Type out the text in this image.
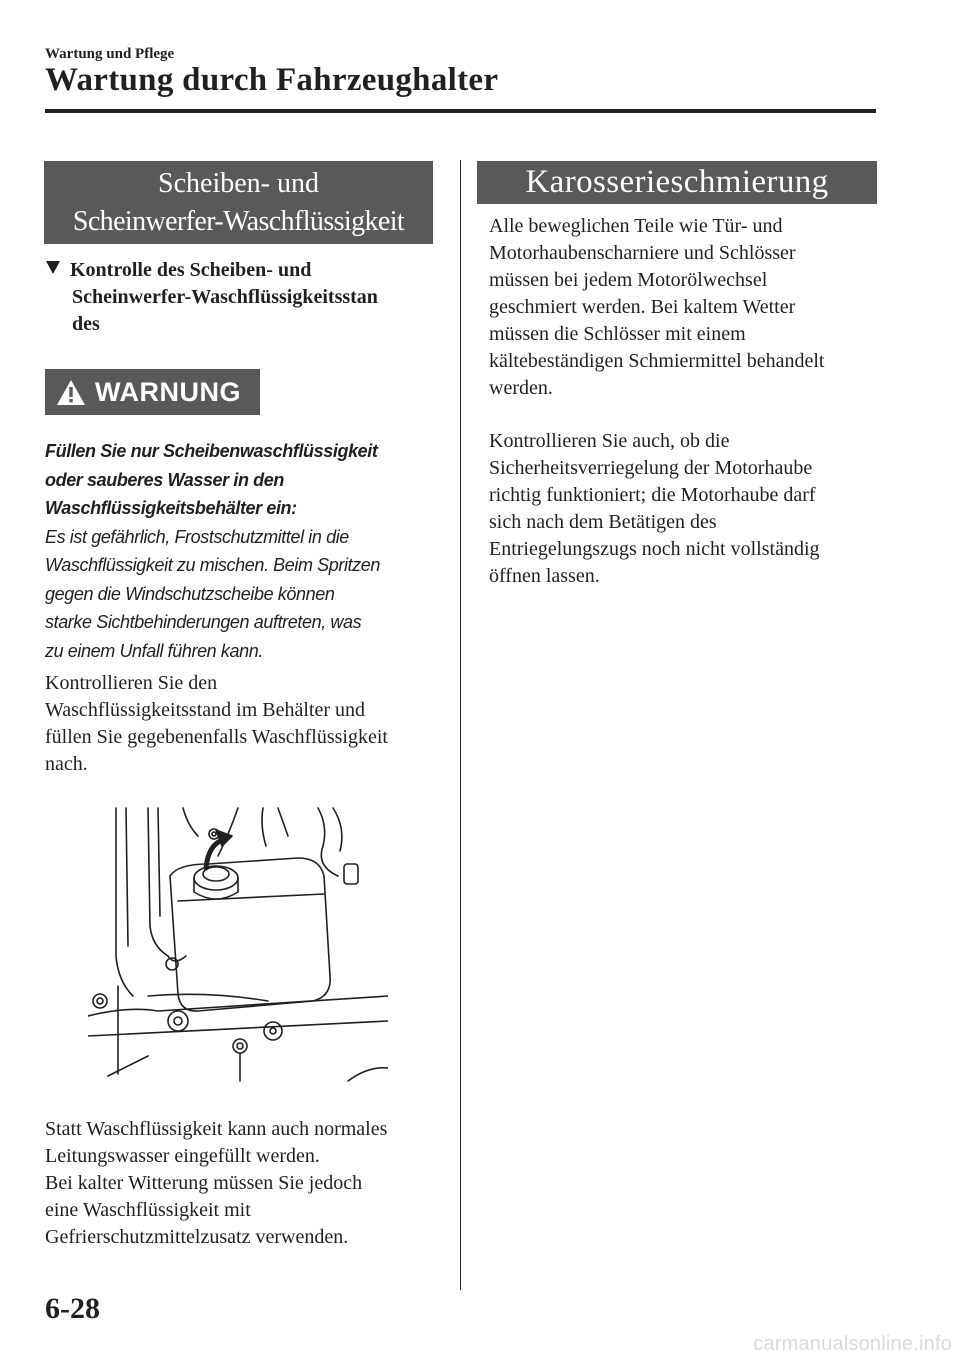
Wartung und Pflege
Wartung durch Fahrzeughalter
Scheiben- und

Scheinwerfer-Waschflüssigkeit
Kontrolle des Scheiben- und
Scheinwerfer-Waschflüssigkeitsstan
des
WARNUNG
Füllen Sie nur Scheibenwaschflüssigkeit
oder sauberes Wasser in den
Waschflüssigkeitsbehälter ein:
Es ist gefährlich, Frostschutzmittel in die
Waschflüssigkeit zu mischen. Beim Spritzen
gegen die Windschutzscheibe können
starke Sichtbehinderungen auftreten, was
zu einem Unfall führen kann.
Kontrollieren Sie den
Waschflüssigkeitsstand im Behälter und
füllen Sie gegebenenfalls Waschflüssigkeit
nach.
Statt Waschflüssigkeit kann auch normales
Leitungswasser eingefüllt werden.
Bei kalter Witterung müssen Sie jedoch
eine Waschflüssigkeit mit
Gefrierschutzmittelzusatz verwenden.
Karosserieschmierung
Alle beweglichen Teile wie Tür- und
Motorhaubenscharniere und Schlösser
müssen bei jedem Motorölwechsel
geschmiert werden. Bei kaltem Wetter
müssen die Schlösser mit einem
kältebeständigen Schmiermittel behandelt
werden.
Kontrollieren Sie auch, ob die
Sicherheitsverriegelung der Motorhaube
richtig funktioniert; die Motorhaube darf
sich nach dem Betätigen des
Entriegelungszugs noch nicht vollständig
öffnen lassen.
6-28
carmanualsonline.info
